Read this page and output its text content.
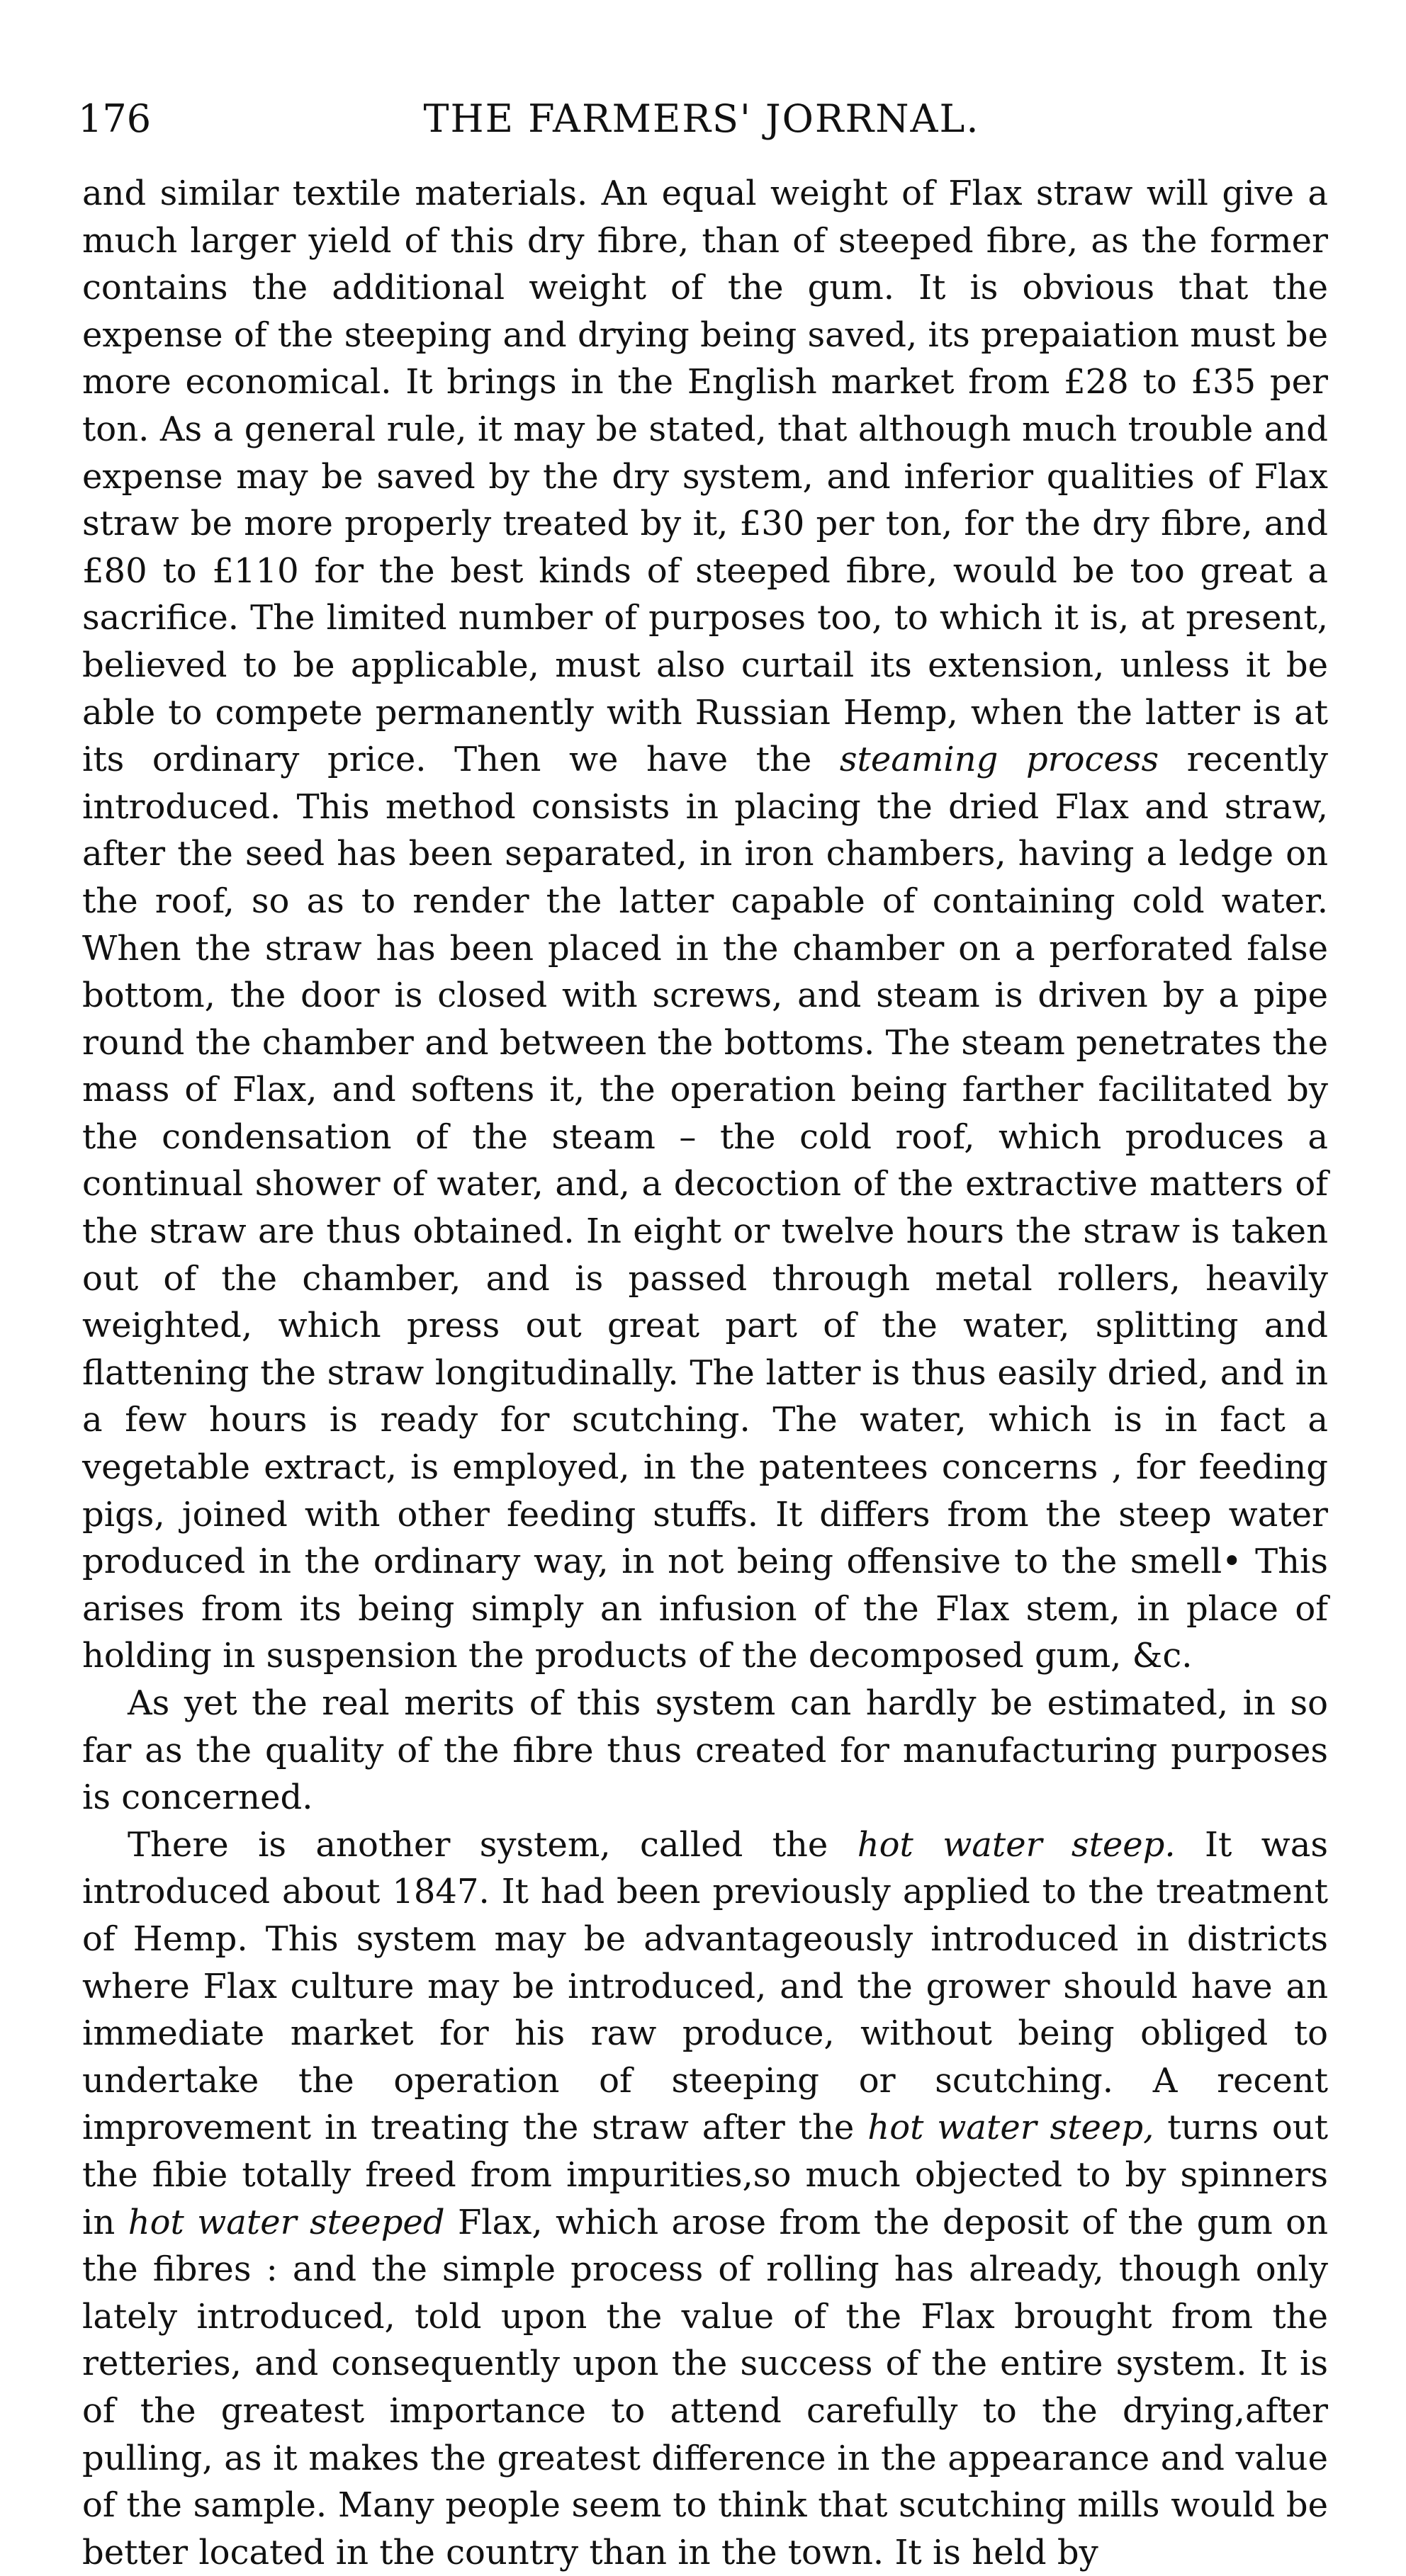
176	THE FARMERS' JORRNAL.

and similar textile materials. An equal weight of Flax straw will give a much larger yield of this dry fibre, than of steeped fibre, as the former contains the additional weight of the gum. It is obvious that the expense of the steeping and drying being saved, its prepaiation must be more economical. It brings in the English market from £28 to £35 per ton. As a general rule, it may be stated, that although much trouble and expense may be saved by the dry system, and inferior qualities of Flax straw be more properly treated by it, £30 per ton, for the dry fibre, and £80 to £110 for the best kinds of steeped fibre, would be too great a sacrifice. The limited number of purposes too, to which it is, at present, believed to be applicable, must also curtail its extension, unless it be able to compete permanently with Russian Hemp, when the latter is at its ordinary price. Then we have the steaming process recently introduced. This method consists in placing the dried Flax and straw, after the seed has been separated, in iron chambers, having a ledge on the roof, so as to render the latter capable of containing cold water. When the straw has been placed in the chamber on a perforated false bottom, the door is closed with screws, and steam is driven by a pipe round the chamber and between the bottoms. The steam penetrates the mass of Flax, and softens it, the operation being farther facilitated by the condensation of the steam – the cold roof, which produces a continual shower of water, and, a decoction of the extractive matters of the straw are thus obtained. In eight or twelve hours the straw is taken out of the chamber, and is passed through metal rollers, heavily weighted, which press out great part of the water, splitting and flattening the straw longitudinally. The latter is thus easily dried, and in a few hours is ready for scutching. The water, which is in fact a vegetable extract, is employed, in the patentees concerns , for feeding pigs, joined with other feeding stuffs. It differs from the steep water produced in the ordinary way, in not being offensive to the smell• This arises from its being simply an infusion of the Flax stem, in place of holding in suspension the products of the decomposed gum, &c.

As yet the real merits of this system can hardly be estimated, in so far as the quality of the fibre thus created for manufacturing purposes is concerned.

There is another system, called the hot water steep. It was introduced about 1847. It had been previously applied to the treatment of Hemp. This system may be advantageously introduced in districts where Flax culture may be introduced, and the grower should have an immediate market for his raw produce, without being obliged to undertake the operation of steeping or scutching. A recent improvement in treating the straw after the hot water steep, turns out the fibie totally freed from impurities,so much objected to by spinners in hot water steeped Flax, which arose from the deposit of the gum on the fibres : and the simple process of rolling has already, though only lately introduced, told upon the value of the Flax brought from the retteries, and consequently upon the success of the entire system. It is of the greatest importance to attend carefully to the drying,after pulling, as it makes the greatest difference in the appearance and value of the sample. Many people seem to think that scutching mills would be better located in the country than in the town. It is held by
